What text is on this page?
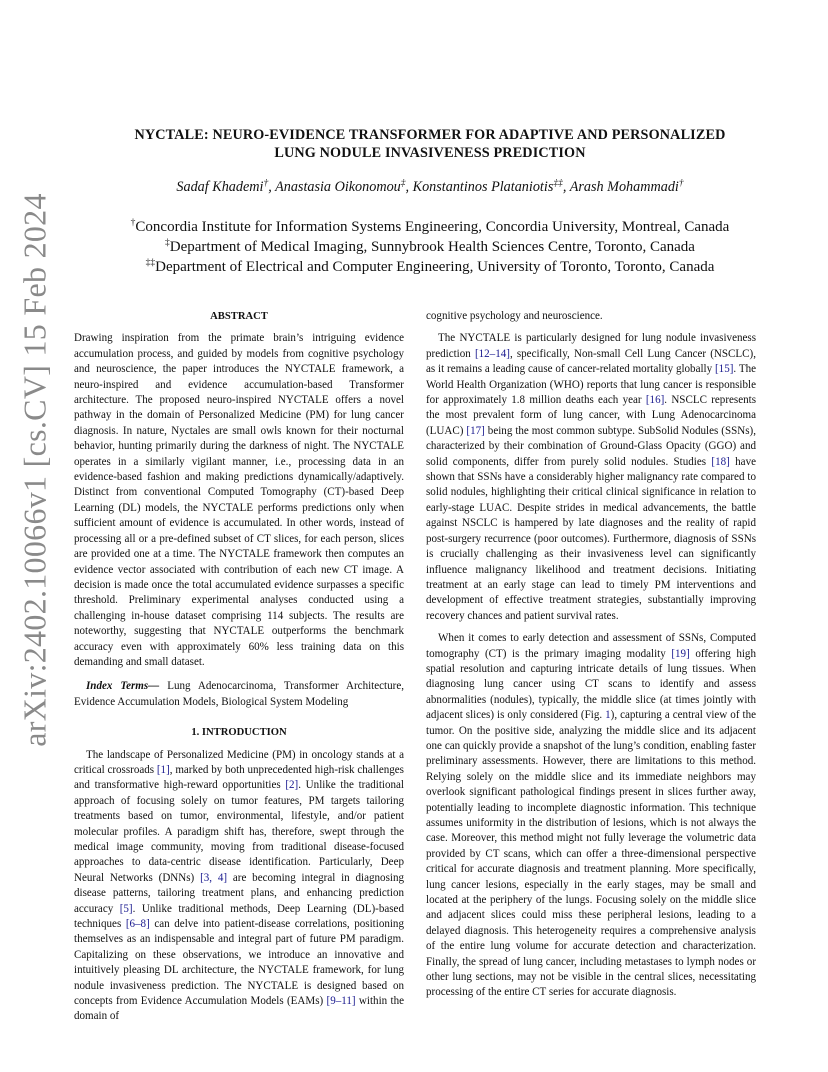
arXiv:2402.10066v1 [cs.CV] 15 Feb 2024
NYCTALE: NEURO-EVIDENCE TRANSFORMER FOR ADAPTIVE AND PERSONALIZED
LUNG NODULE INVASIVENESS PREDICTION
Sadaf Khademi†, Anastasia Oikonomou‡, Konstantinos Plataniotis‡‡, Arash Mohammadi†
†Concordia Institute for Information Systems Engineering, Concordia University, Montreal, Canada
‡Department of Medical Imaging, Sunnybrook Health Sciences Centre, Toronto, Canada
‡‡Department of Electrical and Computer Engineering, University of Toronto, Toronto, Canada
ABSTRACT
Drawing inspiration from the primate brain’s intriguing evidence accumulation process, and guided by models from cognitive psychology and neuroscience, the paper introduces the NYCTALE framework, a neuro-inspired and evidence accumulation-based Transformer architecture. The proposed neuro-inspired NYCTALE offers a novel pathway in the domain of Personalized Medicine (PM) for lung cancer diagnosis. In nature, Nyctales are small owls known for their nocturnal behavior, hunting primarily during the darkness of night. The NYCTALE operates in a similarly vigilant manner, i.e., processing data in an evidence-based fashion and making predictions dynamically/adaptively. Distinct from conventional Computed Tomography (CT)-based Deep Learning (DL) models, the NYCTALE performs predictions only when sufficient amount of evidence is accumulated. In other words, instead of processing all or a pre-defined subset of CT slices, for each person, slices are provided one at a time. The NYCTALE framework then computes an evidence vector associated with contribution of each new CT image. A decision is made once the total accumulated evidence surpasses a specific threshold. Preliminary experimental analyses conducted using a challenging in-house dataset comprising 114 subjects. The results are noteworthy, suggesting that NYCTALE outperforms the benchmark accuracy even with approximately 60% less training data on this demanding and small dataset.
Index Terms— Lung Adenocarcinoma, Transformer Architecture, Evidence Accumulation Models, Biological System Modeling
1. INTRODUCTION
The landscape of Personalized Medicine (PM) in oncology stands at a critical crossroads [1], marked by both unprecedented high-risk challenges and transformative high-reward opportunities [2]. Unlike the traditional approach of focusing solely on tumor features, PM targets tailoring treatments based on tumor, environmental, lifestyle, and/or patient molecular profiles. A paradigm shift has, therefore, swept through the medical image community, moving from traditional disease-focused approaches to data-centric disease identification. Particularly, Deep Neural Networks (DNNs) [3, 4] are becoming integral in diagnosing disease patterns, tailoring treatment plans, and enhancing prediction accuracy [5]. Unlike traditional methods, Deep Learning (DL)-based techniques [6–8] can delve into patient-disease correlations, positioning themselves as an indispensable and integral part of future PM paradigm. Capitalizing on these observations, we introduce an innovative and intuitively pleasing DL architecture, the NYCTALE framework, for lung nodule invasiveness prediction. The NYCTALE is designed based on concepts from Evidence Accumulation Models (EAMs) [9–11] within the domain of
cognitive psychology and neuroscience.
The NYCTALE is particularly designed for lung nodule invasiveness prediction [12–14], specifically, Non-small Cell Lung Cancer (NSCLC), as it remains a leading cause of cancer-related mortality globally [15]. The World Health Organization (WHO) reports that lung cancer is responsible for approximately 1.8 million deaths each year [16]. NSCLC represents the most prevalent form of lung cancer, with Lung Adenocarcinoma (LUAC) [17] being the most common subtype. SubSolid Nodules (SSNs), characterized by their combination of Ground-Glass Opacity (GGO) and solid components, differ from purely solid nodules. Studies [18] have shown that SSNs have a considerably higher malignancy rate compared to solid nodules, highlighting their critical clinical significance in relation to early-stage LUAC. Despite strides in medical advancements, the battle against NSCLC is hampered by late diagnoses and the reality of rapid post-surgery recurrence (poor outcomes). Furthermore, diagnosis of SSNs is crucially challenging as their invasiveness level can significantly influence malignancy likelihood and treatment decisions. Initiating treatment at an early stage can lead to timely PM interventions and development of effective treatment strategies, substantially improving recovery chances and patient survival rates.
When it comes to early detection and assessment of SSNs, Computed tomography (CT) is the primary imaging modality [19] offering high spatial resolution and capturing intricate details of lung tissues. When diagnosing lung cancer using CT scans to identify and assess abnormalities (nodules), typically, the middle slice (at times jointly with adjacent slices) is only considered (Fig. 1), capturing a central view of the tumor. On the positive side, analyzing the middle slice and its adjacent one can quickly provide a snapshot of the lung’s condition, enabling faster preliminary assessments. However, there are limitations to this method. Relying solely on the middle slice and its immediate neighbors may overlook significant pathological findings present in slices further away, potentially leading to incomplete diagnostic information. This technique assumes uniformity in the distribution of lesions, which is not always the case. Moreover, this method might not fully leverage the volumetric data provided by CT scans, which can offer a three-dimensional perspective critical for accurate diagnosis and treatment planning. More specifically, lung cancer lesions, especially in the early stages, may be small and located at the periphery of the lungs. Focusing solely on the middle slice and adjacent slices could miss these peripheral lesions, leading to a delayed diagnosis. This heterogeneity requires a comprehensive analysis of the entire lung volume for accurate detection and characterization. Finally, the spread of lung cancer, including metastases to lymph nodes or other lung sections, may not be visible in the central slices, necessitating processing of the entire CT series for accurate diagnosis.
